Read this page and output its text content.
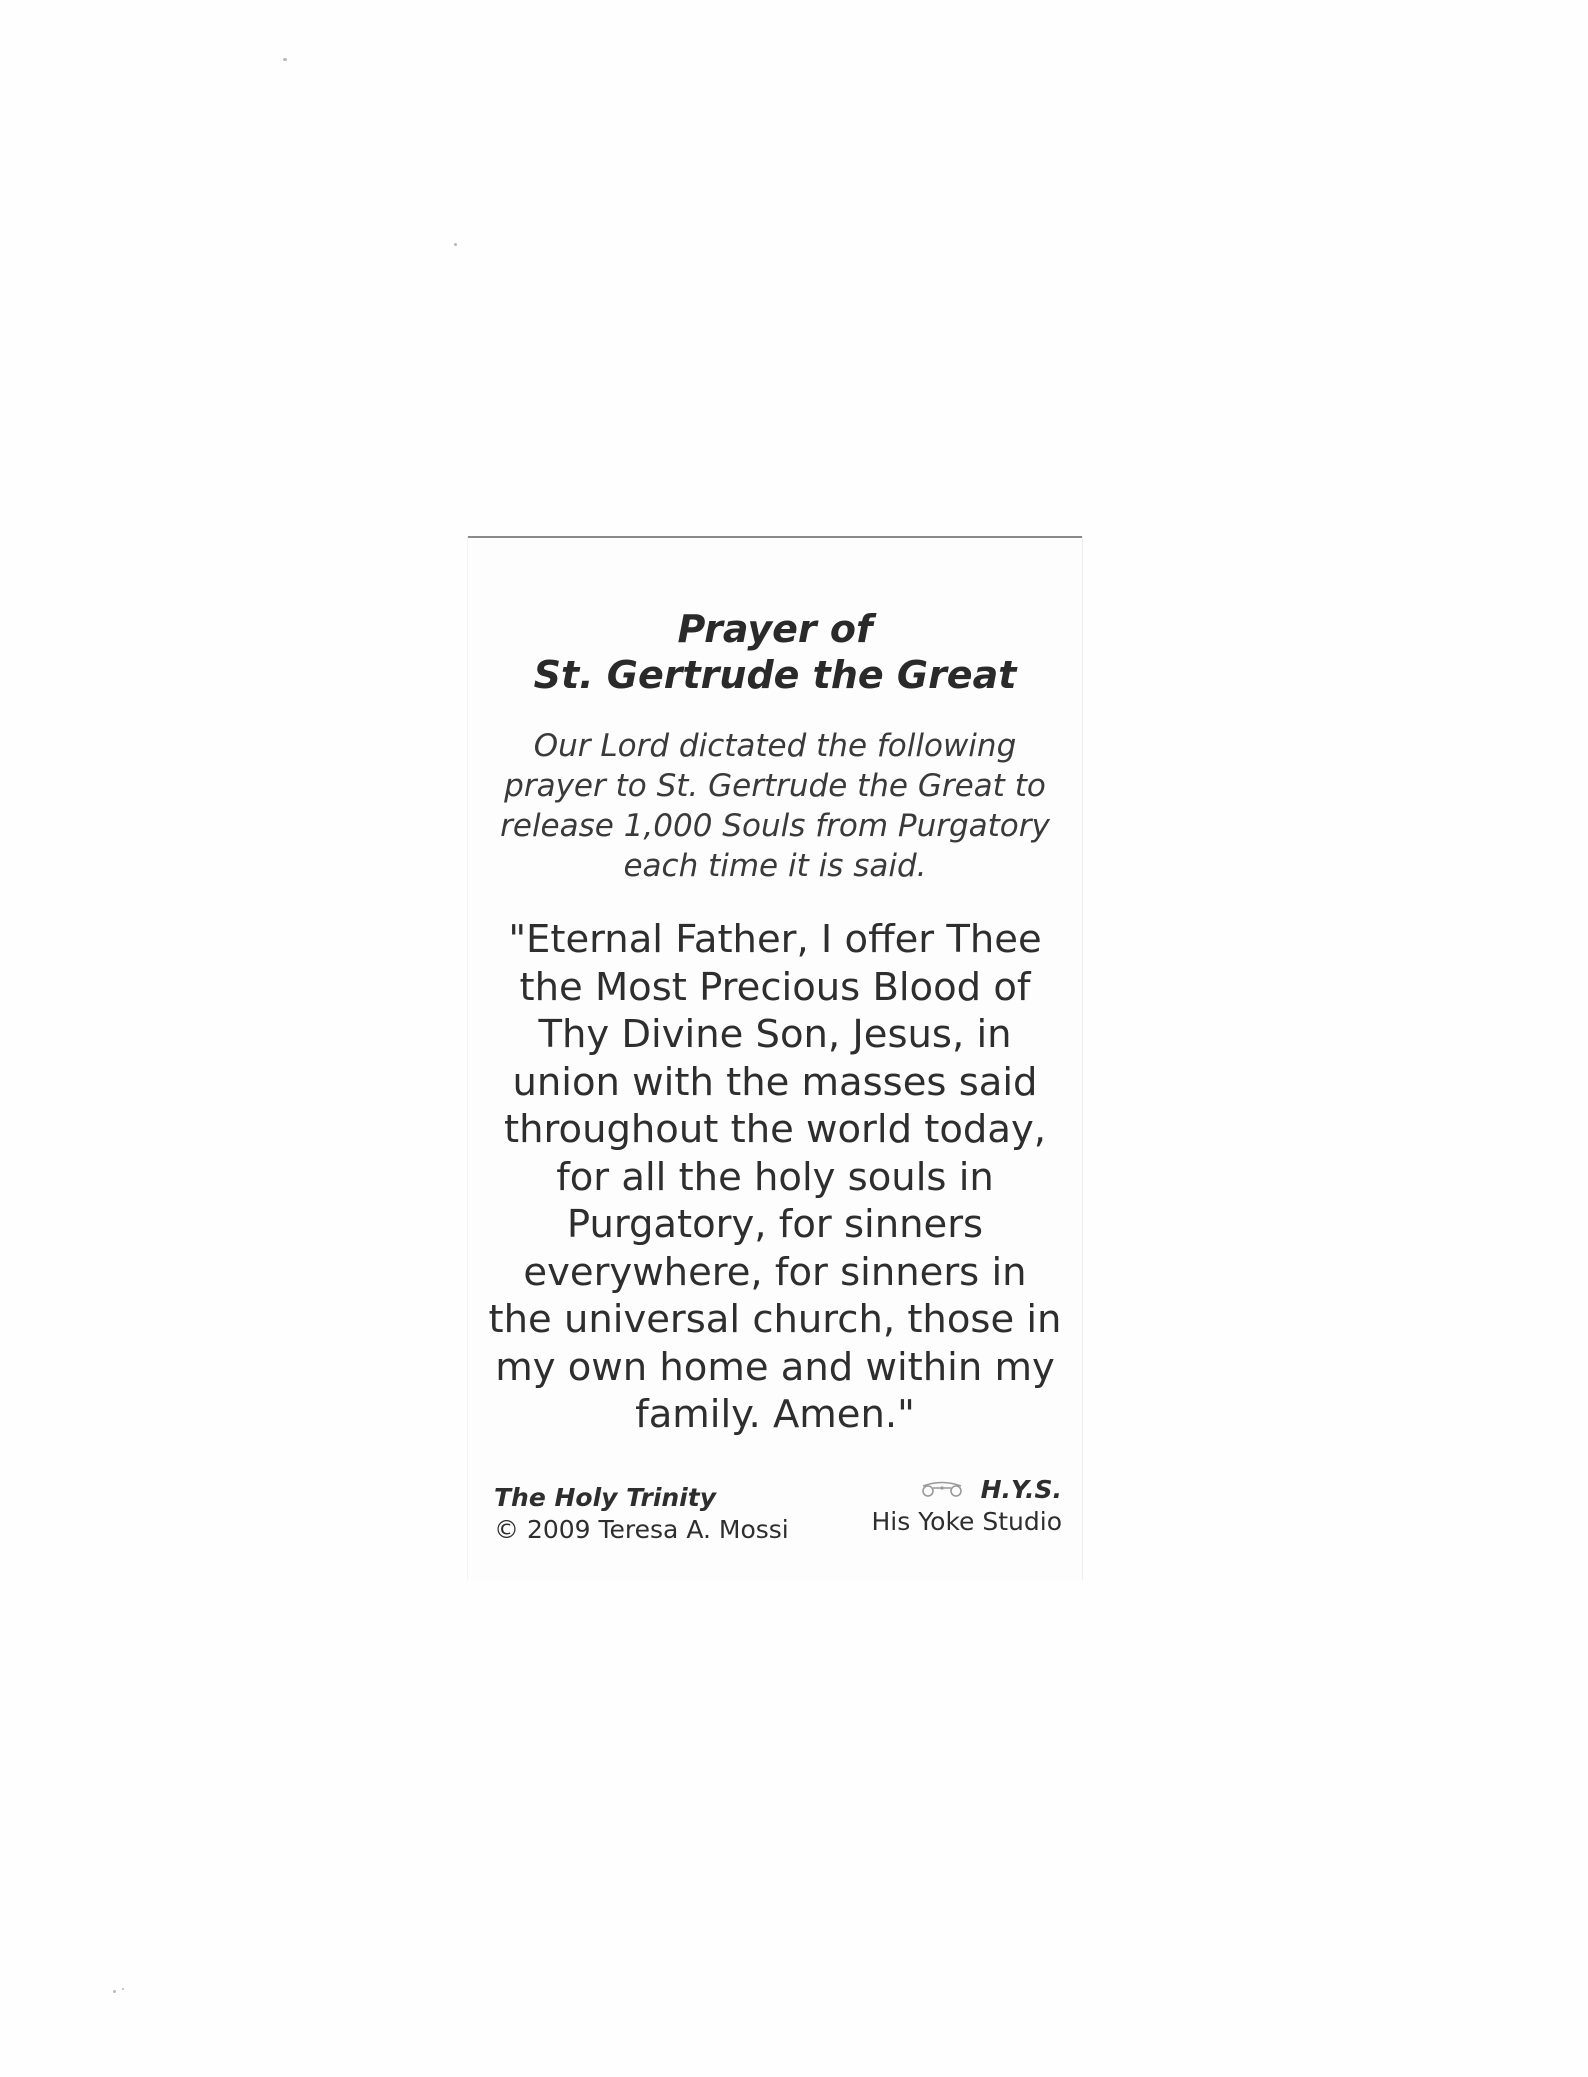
Prayer of
St. Gertrude the Great

Our Lord dictated the following
prayer to St. Gertrude the Great to
release 1,000 Souls from Purgatory
each time it is said.

"Eternal Father, I offer Thee
the Most Precious Blood of
Thy Divine Son, Jesus, in
union with the masses said
throughout the world today,
for all the holy souls in
Purgatory, for sinners
everywhere, for sinners in
the universal church, those in
my own home and within my
family. Amen."

The Holy Trinity
© 2009 Teresa A. Mossi
H.Y.S.
His Yoke Studio
